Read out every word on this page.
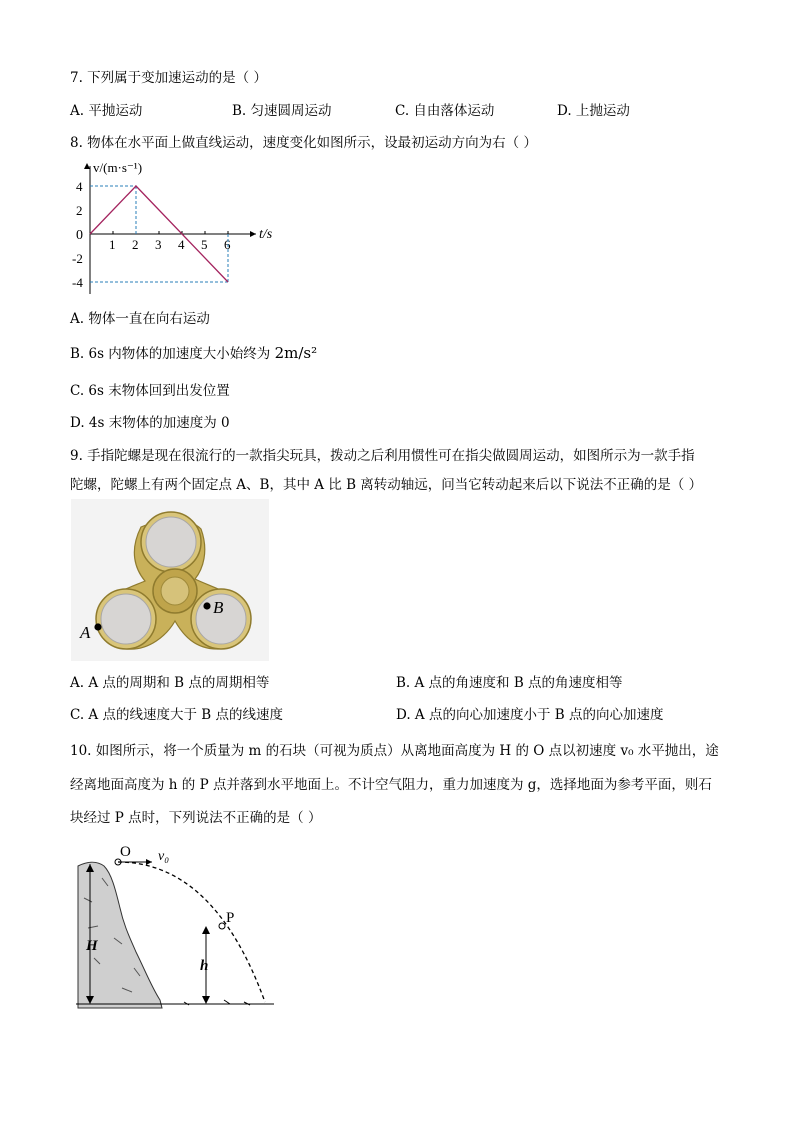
7. 下列属于变加速运动的是（ ）
A. 平抛运动	B. 匀速圆周运动	C. 自由落体运动	D. 上抛运动
8. 物体在水平面上做直线运动，速度变化如图所示，设最初运动方向为右（ ）
1 2 3 4 5 6
4
2
-2
-4
v/(m·s⁻¹)
t/s
0
A. 物体一直在向右运动
B. 6s 内物体的加速度大小始终为 2m/s²
C. 6s 末物体回到出发位置
D. 4s 末物体的加速度为 0
9. 手指陀螺是现在很流行的一款指尖玩具，拨动之后利用惯性可在指尖做圆周运动，如图所示为一款手指
陀螺，陀螺上有两个固定点 A、B，其中 A 比 B 离转动轴远，问当它转动起来后以下说法不正确的是（ ）
A
B
A. A 点的周期和 B 点的周期相等	B. A 点的角速度和 B 点的角速度相等
C. A 点的线速度大于 B 点的线速度	D. A 点的向心加速度小于 B 点的向心加速度
10. 如图所示，将一个质量为 m 的石块（可视为质点）从离地面高度为 H 的 O 点以初速度 v₀ 水平抛出，途
经离地面高度为 h 的 P 点并落到水平地面上。不计空气阻力，重力加速度为 g，选择地面为参考平面，则石
块经过 P 点时，下列说法不正确的是（ ）
O v₀
P
h
H
